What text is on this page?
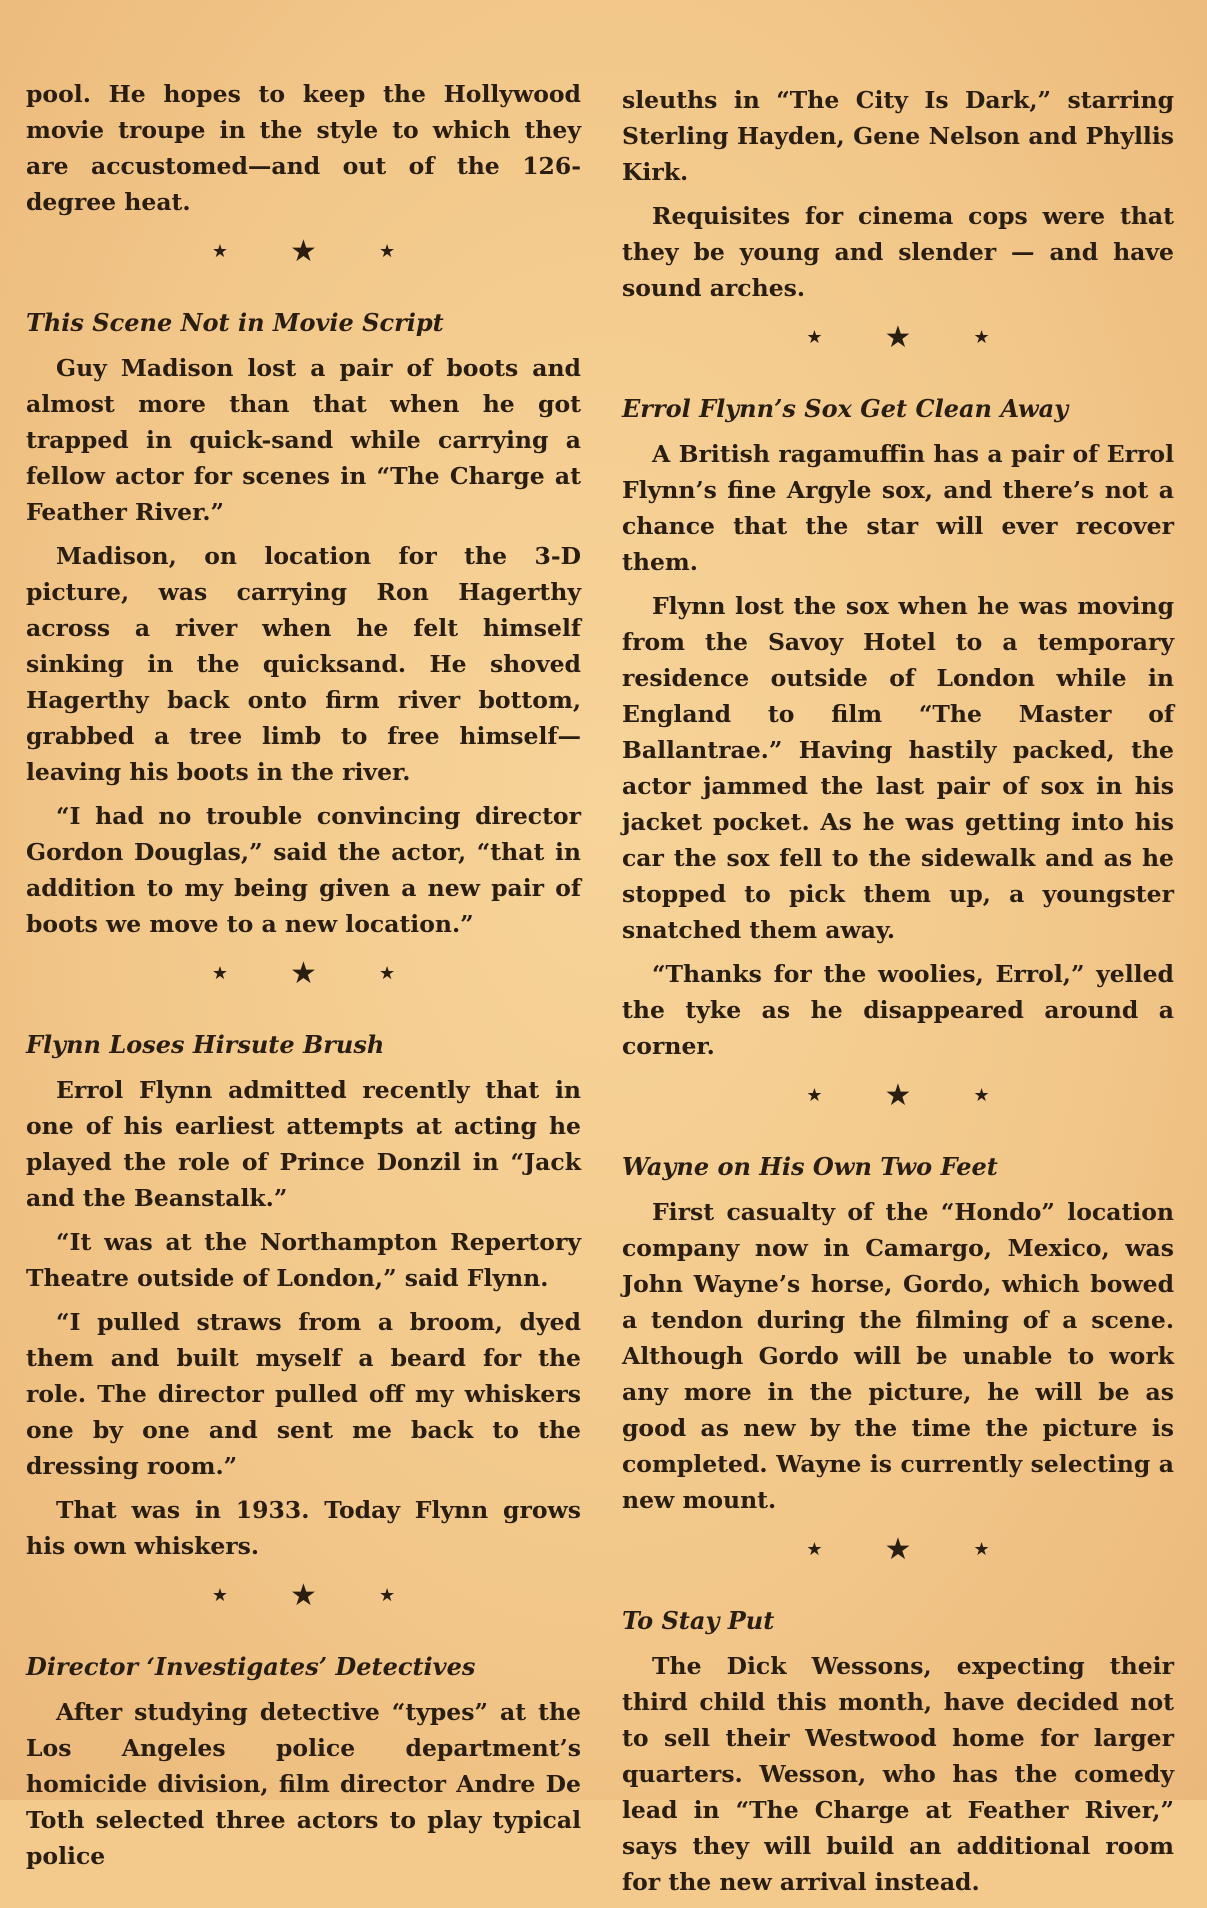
pool. He hopes to keep the Hollywood movie troupe in the style to which they are accustomed—and out of the 126-degree heat.

★ ★	★
This Scene Not in Movie Script

Guy Madison lost a pair of boots and almost more than that when he got trapped in quick-sand while carrying a fellow actor for scenes in “The Charge at Feather River.”

Madison, on location for the 3-D picture, was carrying Ron Hagerthy across a river when he felt himself sinking in the quicksand. He shoved Hagerthy back onto firm river bottom, grabbed a tree limb to free himself—leaving his boots in the river.

“I had no trouble convincing director Gordon Douglas,” said the actor, “that in addition to my being given a new pair of boots we move to a new location.”

★ ★	★
Flynn Loses Hirsute Brush

Errol Flynn admitted recently that in one of his earliest attempts at acting he played the role of Prince Donzil in “Jack and the Beanstalk.”

“It was at the Northampton Repertory Theatre outside of London,” said Flynn.

“I pulled straws from a broom, dyed them and built myself a beard for the role. The director pulled off my whiskers one by one and sent me back to the dressing room.”

That was in 1933. Today Flynn grows his own whiskers.

★ ★	★
Director ‘Investigates’ Detectives

After studying detective “types” at the Los Angeles police department’s homicide division, film director Andre De Toth selected three actors to play typical police

sleuths in “The City Is Dark,” starring Sterling Hayden, Gene Nelson and Phyllis Kirk.

Requisites for cinema cops were that they be young and slender — and have sound arches.

★ ★	★
Errol Flynn’s Sox Get Clean Away

A British ragamuffin has a pair of Errol Flynn’s fine Argyle sox, and there’s not a chance that the star will ever recover them.

Flynn lost the sox when he was moving from the Savoy Hotel to a temporary residence outside of London while in England to film “The Master of Ballantrae.” Having hastily packed, the actor jammed the last pair of sox in his jacket pocket. As he was getting into his car the sox fell to the sidewalk and as he stopped to pick them up, a youngster snatched them away.

“Thanks for the woolies, Errol,” yelled the tyke as he disappeared around a corner.

★ ★	★
Wayne on His Own Two Feet

First casualty of the “Hondo” location company now in Camargo, Mexico, was John Wayne’s horse, Gordo, which bowed a tendon during the filming of a scene. Although Gordo will be unable to work any more in the picture, he will be as good as new by the time the picture is completed. Wayne is currently selecting a new mount.

★ ★	★
To Stay Put

The Dick Wessons, expecting their third child this month, have decided not to sell their Westwood home for larger quarters. Wesson, who has the comedy lead in “The Charge at Feather River,” says they will build an additional room for the new arrival instead.
